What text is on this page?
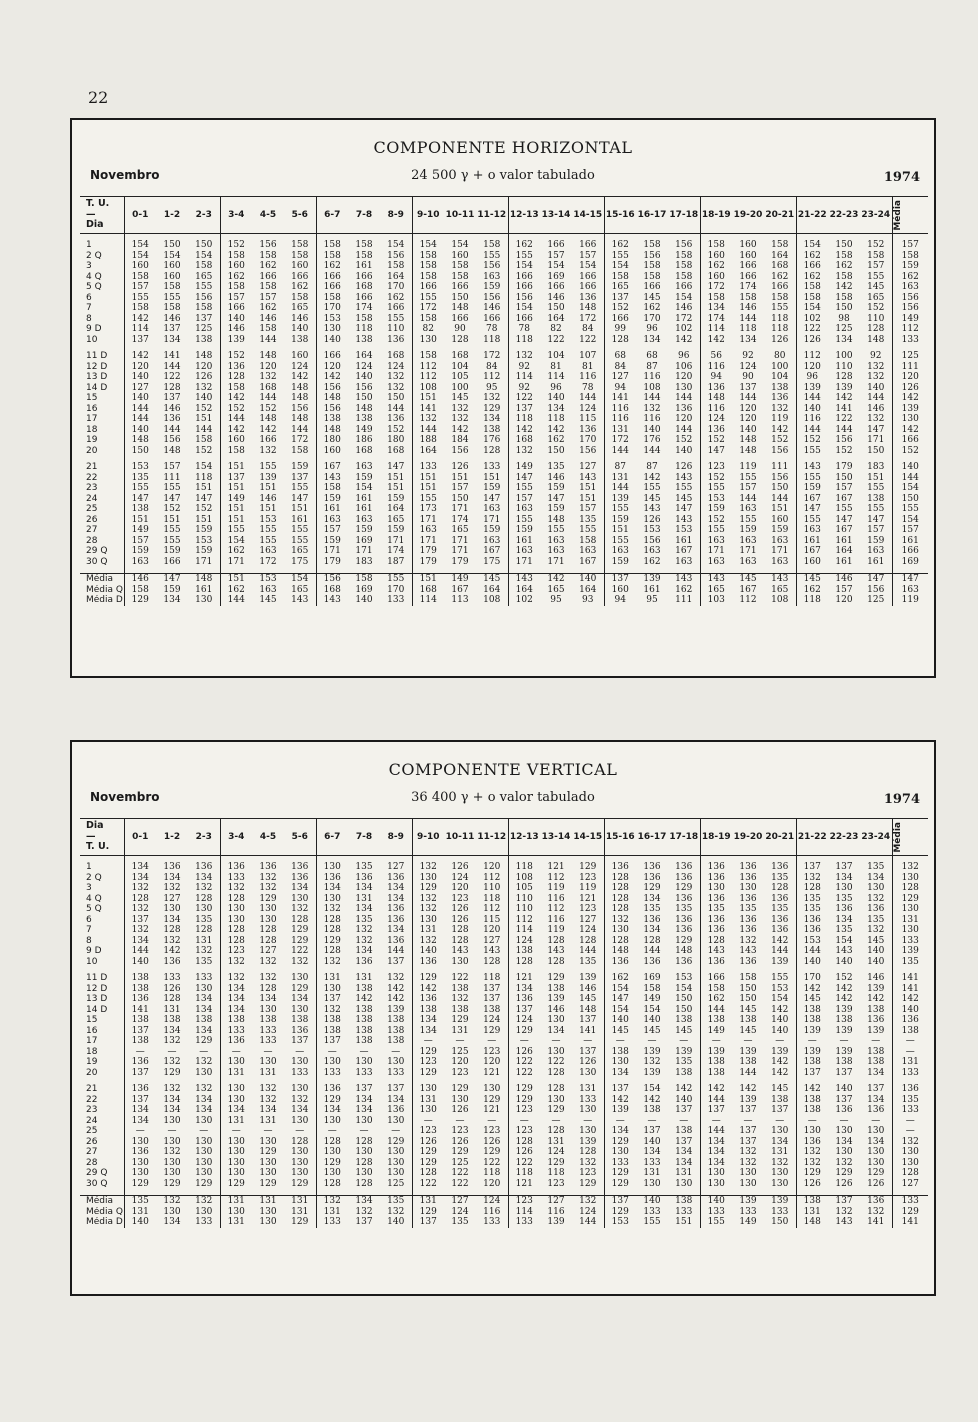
22
COMPONENTE HORIZONTAL
Novembro	24 500 γ + o valor tabulado	1974
T. U.
—
Dia	0-1	1-2	2-3	3-4	4-5	5-6	6-7	7-8	8-9	9-10	10-11	11-12	12-13	13-14	14-15	15-16	16-17	17-18	18-19	19-20	20-21	21-22	22-23	23-24	Média

1	154	150	150	152	156	158	158	158	154	154	154	158	162	166	166	162	158	156	158	160	158	154	150	152	157
2 Q	154	154	154	158	158	158	158	158	156	158	160	155	155	157	157	155	156	158	160	160	164	162	158	158	158
3	160	160	158	160	162	160	162	161	158	158	158	156	154	154	154	154	158	158	162	166	168	166	162	157	159
4 Q	158	160	165	162	166	166	166	166	164	158	158	163	166	169	166	158	158	158	160	166	162	162	158	155	162
5 Q	157	158	155	158	158	162	166	168	170	166	166	159	166	166	166	165	166	166	172	174	166	158	142	145	163
6	155	155	156	157	157	158	158	166	162	155	150	156	156	146	136	137	145	154	158	158	158	158	158	165	156
7	158	158	158	166	162	165	170	174	166	172	148	146	154	150	148	152	162	146	134	146	155	154	150	152	156
8	142	146	137	140	146	146	153	158	155	158	166	166	166	164	172	166	170	172	174	144	118	102	98	110	149
9 D	114	137	125	146	158	140	130	118	110	82	90	78	78	82	84	99	96	102	114	118	118	122	125	128	112
10	137	134	138	139	144	138	140	138	136	130	128	118	118	122	122	128	134	142	142	134	126	126	134	148	133

11 D	142	141	148	152	148	160	166	164	168	158	168	172	132	104	107	68	68	96	56	92	80	112	100	92	125
12 D	120	144	120	136	120	124	120	124	124	112	104	84	92	81	81	84	87	106	116	124	100	120	110	132	111
13 D	140	122	126	128	132	142	142	140	132	112	105	112	114	114	116	127	116	120	94	90	104	96	128	132	120
14 D	127	128	132	158	168	148	156	156	132	108	100	95	92	96	78	94	108	130	136	137	138	139	139	140	126
15	140	137	140	142	144	148	148	150	150	151	145	132	122	140	144	141	144	144	148	144	136	144	142	144	142
16	144	146	152	152	152	156	156	148	144	141	132	129	137	134	124	116	132	136	116	120	132	140	141	146	139
17	144	136	151	144	148	148	138	138	136	132	132	134	118	118	115	116	116	120	124	120	119	116	122	132	130
18	140	144	144	142	142	144	148	149	152	144	142	138	142	142	136	131	140	144	136	140	142	144	144	147	142
19	148	156	158	160	166	172	180	186	180	188	184	176	168	162	170	172	176	152	152	148	152	152	156	171	166
20	150	148	152	158	132	158	160	168	168	164	156	128	132	150	156	144	144	140	147	148	156	155	152	150	152

21	153	157	154	151	155	159	167	163	147	133	126	133	149	135	127	87	87	126	123	119	111	143	179	183	140
22	135	111	118	137	139	137	143	159	151	151	151	151	147	146	143	131	142	143	152	155	156	155	150	151	144
23	155	155	151	151	151	155	158	154	151	151	157	159	155	159	151	144	155	155	155	157	150	159	157	155	154
24	147	147	147	149	146	147	159	161	159	155	150	147	157	147	151	139	145	145	153	144	144	167	167	138	150
25	138	152	152	151	151	151	161	161	164	173	171	163	163	159	157	155	143	147	159	163	151	147	155	155	155
26	151	151	151	151	153	161	163	163	165	171	174	171	155	148	135	159	126	143	152	155	160	155	147	147	154
27	149	155	159	155	155	155	157	159	159	163	165	159	159	155	155	151	153	153	155	159	159	163	167	157	157
28	157	155	153	154	155	155	159	169	171	171	171	163	161	163	158	155	156	161	163	163	163	161	161	159	161
29 Q	159	159	159	162	163	165	171	171	174	179	171	167	163	163	163	163	163	167	171	171	171	167	164	163	166
30 Q	163	166	171	171	172	175	179	183	187	179	179	175	171	171	167	159	162	163	163	163	163	160	161	161	169

Média	146	147	148	151	153	154	156	158	155	151	149	145	143	142	140	137	139	143	143	145	143	145	146	147	147
Média Q	158	159	161	162	163	165	168	169	170	168	167	164	164	165	164	160	161	162	165	167	165	162	157	156	163
Média D	129	134	130	144	145	143	143	140	133	114	113	108	102	95	93	94	95	111	103	112	108	118	120	125	119
COMPONENTE VERTICAL
Novembro	36 400 γ + o valor tabulado	1974
Dia
—
T. U.	0-1	1-2	2-3	3-4	4-5	5-6	6-7	7-8	8-9	9-10	10-11	11-12	12-13	13-14	14-15	15-16	16-17	17-18	18-19	19-20	20-21	21-22	22-23	23-24	Média

1	134	136	136	136	136	136	130	135	127	132	126	120	118	121	129	136	136	136	136	136	136	137	137	135	132
2 Q	134	134	134	133	132	136	136	136	136	130	124	112	108	112	123	128	136	136	136	136	135	132	134	134	130
3	132	132	132	132	132	134	134	134	134	129	120	110	105	119	119	128	129	129	130	130	128	128	130	130	128
4 Q	128	127	128	128	129	130	130	131	134	132	123	118	110	116	121	128	134	136	136	136	136	135	135	132	129
5 Q	132	130	130	130	130	132	132	134	136	132	126	112	110	112	123	128	135	135	135	135	135	135	136	136	130
6	137	134	135	130	130	128	128	135	136	130	126	115	112	116	127	132	136	136	136	136	136	136	134	135	131
7	132	128	128	128	128	129	128	132	134	131	128	120	114	119	124	130	134	136	136	136	136	136	135	132	130
8	134	132	131	128	128	129	129	132	136	132	128	127	124	128	128	128	128	129	128	132	142	153	154	145	133
9 D	144	142	132	123	127	122	128	134	144	140	143	143	138	143	144	148	144	148	143	143	144	144	143	140	139
10	140	136	135	132	132	132	132	136	137	136	130	128	128	128	135	136	136	136	136	136	139	140	140	140	135

11 D	138	133	133	132	132	130	131	131	132	129	122	118	121	129	139	162	169	153	166	158	155	170	152	146	141
12 D	138	126	130	134	128	129	130	138	142	142	138	137	134	138	146	154	158	154	158	150	153	142	142	139	141
13 D	136	128	134	134	134	134	137	142	142	136	132	137	136	139	145	147	149	150	162	150	154	145	142	142	142
14 D	141	131	134	134	130	130	132	138	139	138	138	138	137	146	148	154	154	150	144	145	142	138	139	138	140
15	138	138	138	138	138	138	138	138	138	134	129	124	124	130	137	140	140	138	138	138	140	138	138	136	136
16	137	134	134	133	133	136	138	138	138	134	131	129	129	134	141	145	145	145	149	145	140	139	139	139	138
17	138	132	129	136	133	137	137	138	138	—	—	—	—	—	—	—	—	—	—	—	—	—	—	—	—
18	—	—	—	—	—	—	—	—	—	129	125	123	126	130	137	138	139	139	139	139	139	139	139	138	—
19	136	132	132	130	130	130	130	130	130	123	120	120	122	122	126	130	132	135	138	138	142	138	138	138	131
20	137	129	130	131	131	133	133	133	133	129	123	121	122	128	130	134	139	138	138	144	142	137	137	134	133

21	136	132	132	130	132	130	136	137	137	130	129	130	129	128	131	137	154	142	142	142	145	142	140	137	136
22	137	134	134	130	132	132	129	134	134	131	130	129	129	130	133	142	142	140	144	139	138	138	137	134	135
23	134	134	134	134	134	134	134	134	136	130	126	121	123	129	130	139	138	137	137	137	137	138	136	136	133
24	134	130	130	131	131	130	130	130	130	—	—	—	—	—	—	—	—	—	—	—	—	—	—	—	—
25	—	—	—	—	—	—	—	—	—	123	123	123	123	128	130	134	137	138	144	137	130	130	130	130	—
26	130	130	130	130	130	128	128	128	129	126	126	126	128	131	139	129	140	137	134	137	134	136	134	134	132
27	136	132	130	130	129	130	130	130	130	129	129	129	126	124	128	130	134	134	134	132	131	132	130	130	130
28	130	130	130	130	130	130	129	128	130	129	125	122	122	129	132	133	133	134	134	132	132	132	132	130	130
29 Q	130	130	130	130	130	130	130	130	130	128	122	118	118	118	123	129	131	131	130	130	130	129	129	129	128
30 Q	129	129	129	129	129	129	128	128	125	122	122	120	121	123	129	129	130	130	130	130	130	126	126	126	127

Média	135	132	132	131	131	131	132	134	135	131	127	124	123	127	132	137	140	138	140	139	139	138	137	136	133
Média Q	131	130	130	130	130	131	131	132	132	129	124	116	114	116	124	129	133	133	133	133	133	131	132	132	129
Média D	140	134	133	131	130	129	133	137	140	137	135	133	133	139	144	153	155	151	155	149	150	148	143	141	141
